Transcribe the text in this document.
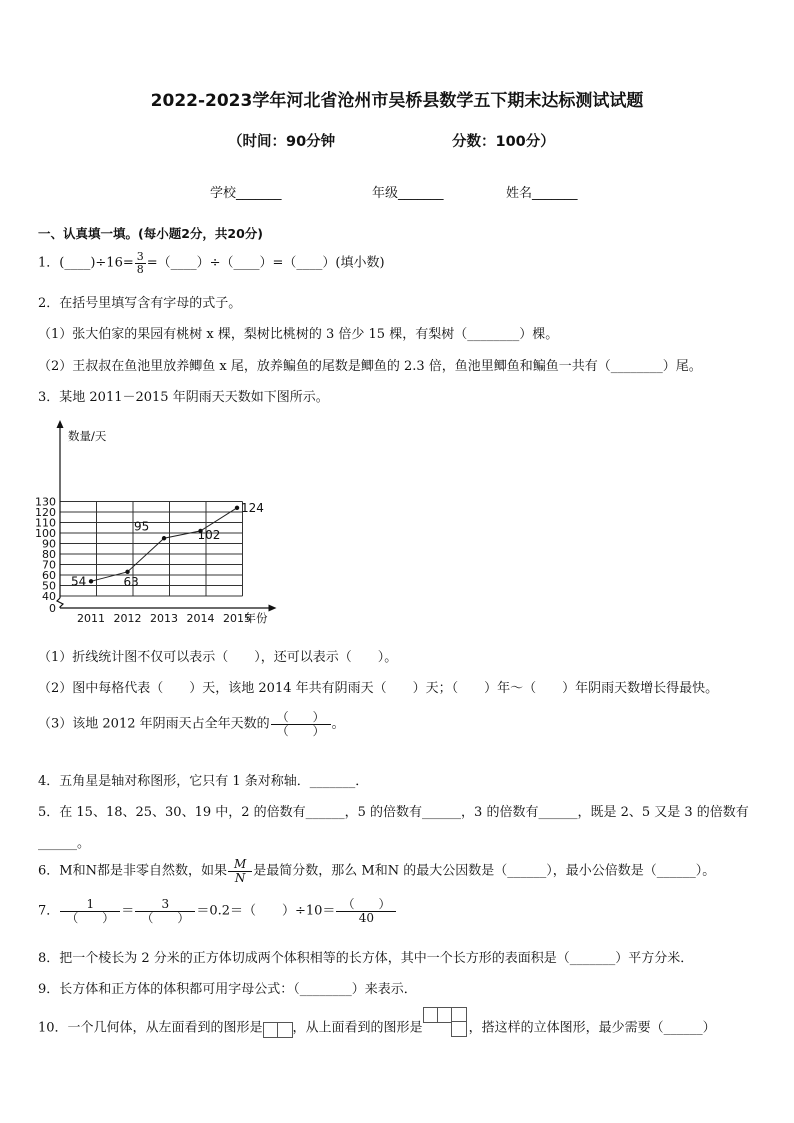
2022-2023学年河北省沧州市吴桥县数学五下期末达标测试试题
（时间：90分钟	分数：100分）
学校_______	年级_______	姓名_______
一、认真填一填。(每小题2分，共20分)
1．(____)÷16= $\frac{3}{8}$ =（____）÷（____）=（____）(填小数)
2．在括号里填写含有字母的式子。
（1）张大伯家的果园有桃树 x 棵，梨树比桃树的 3 倍少 15 棵，有梨树（________）棵。
（2）王叔叔在鱼池里放养鲫鱼 x 尾，放养鳊鱼的尾数是鲫鱼的 2.3 倍，鱼池里鲫鱼和鳊鱼一共有（________）尾。
3．某地 2011－2015 年阴雨天天数如下图所示。
数量/天
年份
0
40
50
60
70
80
90
100
110
120
130
2011 2012 2013 2014 2015
54	63
95
102
124
（1）折线统计图不仅可以表示（　　），还可以表示（　　）。
（2）图中每格代表（　　）天，该地 2014 年共有阴雨天（　　）天；（　　）年～（　　）年阴雨天数增长得最快。
（3）该地 2012 年阴雨天占全年天数的 $\frac{( )}{( )}$ 。
4．五角星是轴对称图形，它只有 1 条对称轴．_______．
5．在 15、18、25、30、19 中，2 的倍数有______，5 的倍数有______，3 的倍数有______，既是 2、5 又是 3 的倍数有
______。
6．M和N都是非零自然数，如果 $\frac{M}{N}$ 是最简分数，那么 M和N 的最大公因数是（______），最小公倍数是（______）。
7． $\frac{1}{( )} = \frac{3}{( )} =0.2=$（　　）$\div 10= \frac{( )}{40}$
8．把一个棱长为 2 分米的正方体切成两个体积相等的长方体，其中一个长方形的表面积是（_______）平方分米．
9．长方体和正方体的体积都可用字母公式：（________）来表示．
10．一个几何体，从左面看到的图形是 ，从上面看到的图形是	，搭这样的立体图形，最少需要（______）
